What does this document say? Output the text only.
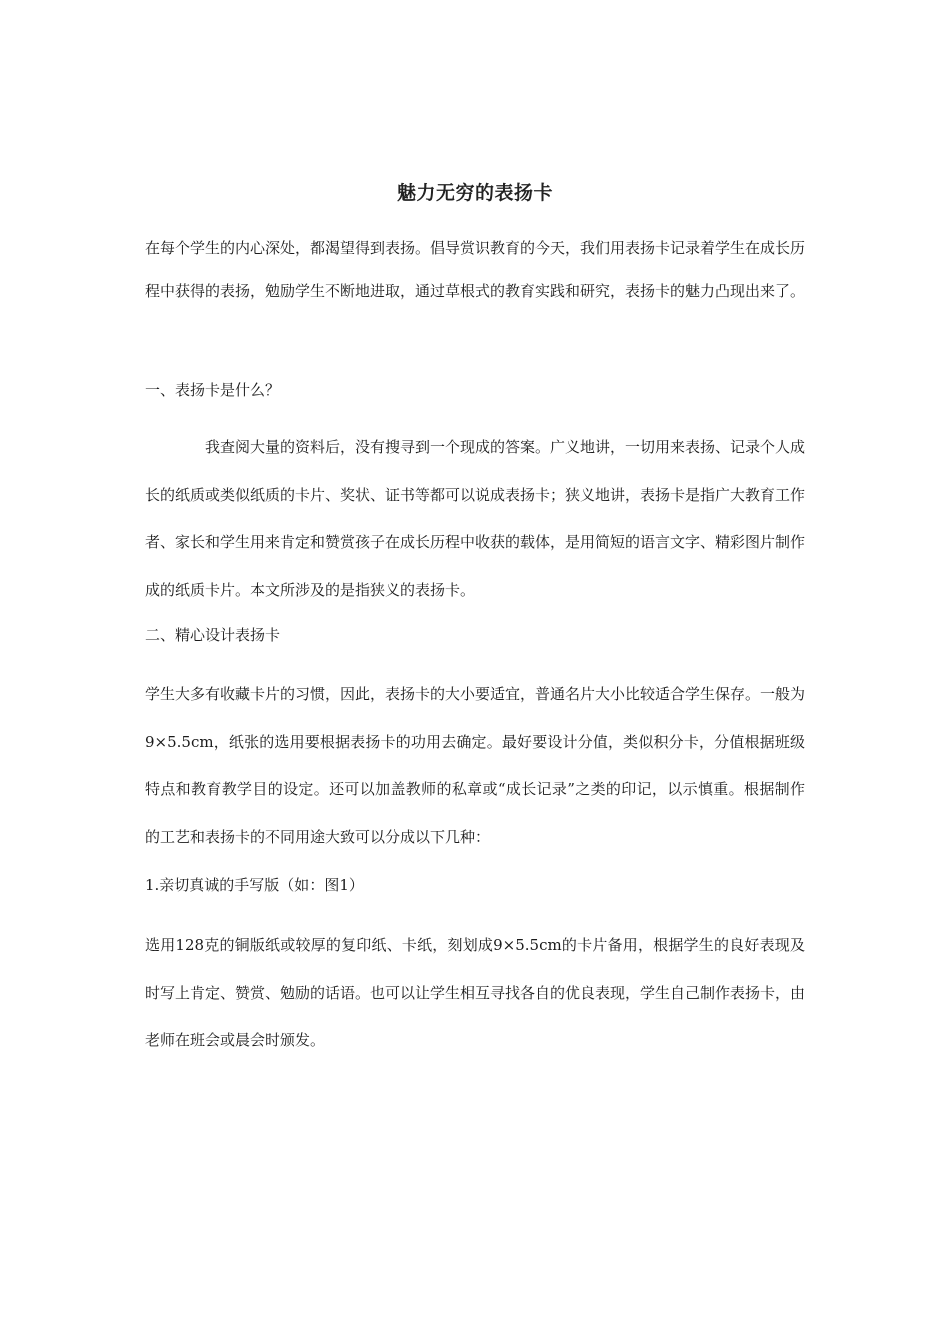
魅力无穷的表扬卡
在每个学生的内心深处，都渴望得到表扬。倡导赏识教育的今天，我们用表扬卡记录着学生在成长历程中获得的表扬，勉励学生不断地进取，通过草根式的教育实践和研究，表扬卡的魅力凸现出来了。
一、表扬卡是什么？
我查阅大量的资料后，没有搜寻到一个现成的答案。广义地讲，一切用来表扬、记录个人成长的纸质或类似纸质的卡片、奖状、证书等都可以说成表扬卡；狭义地讲，表扬卡是指广大教育工作者、家长和学生用来肯定和赞赏孩子在成长历程中收获的载体，是用简短的语言文字、精彩图片制作成的纸质卡片。本文所涉及的是指狭义的表扬卡。
二、精心设计表扬卡
学生大多有收藏卡片的习惯，因此，表扬卡的大小要适宜，普通名片大小比较适合学生保存。一般为9×5.5cm，纸张的选用要根据表扬卡的功用去确定。最好要设计分值，类似积分卡，分值根据班级特点和教育教学目的设定。还可以加盖教师的私章或“成长记录”之类的印记，以示慎重。根据制作的工艺和表扬卡的不同用途大致可以分成以下几种：
1.亲切真诚的手写版（如：图1）
选用128克的铜版纸或较厚的复印纸、卡纸，刻划成9×5.5cm的卡片备用，根据学生的良好表现及时写上肯定、赞赏、勉励的话语。也可以让学生相互寻找各自的优良表现，学生自己制作表扬卡，由老师在班会或晨会时颁发。
